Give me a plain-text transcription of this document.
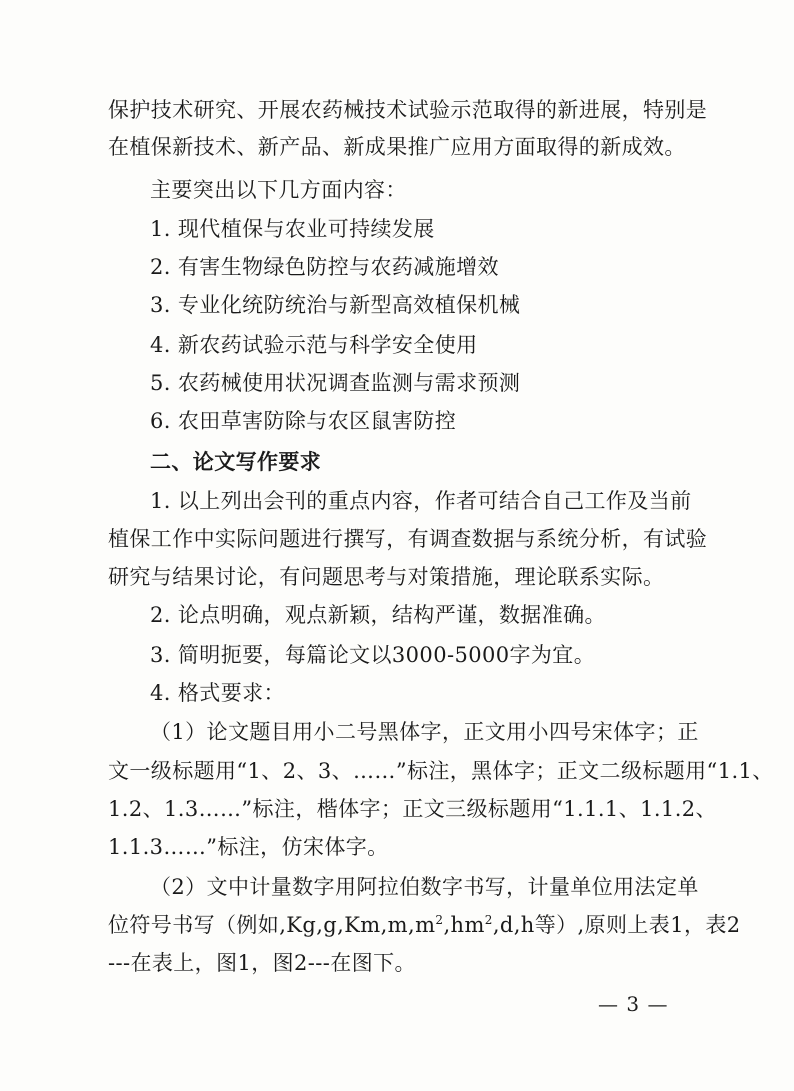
保护技术研究、开展农药械技术试验示范取得的新进展，特别是
在植保新技术、新产品、新成果推广应用方面取得的新成效。
主要突出以下几方面内容：
1. 现代植保与农业可持续发展
2. 有害生物绿色防控与农药减施增效
3. 专业化统防统治与新型高效植保机械
4. 新农药试验示范与科学安全使用
5. 农药械使用状况调查监测与需求预测
6. 农田草害防除与农区鼠害防控
二、论文写作要求
1. 以上列出会刊的重点内容，作者可结合自己工作及当前
植保工作中实际问题进行撰写，有调查数据与系统分析，有试验
研究与结果讨论，有问题思考与对策措施，理论联系实际。
2. 论点明确，观点新颖，结构严谨，数据准确。
3. 简明扼要，每篇论文以3000-5000字为宜。
4. 格式要求：
（1）论文题目用小二号黑体字，正文用小四号宋体字；正
文一级标题用“1、2、3、……”标注，黑体字；正文二级标题用“1.1、
1.2、1.3……”标注，楷体字；正文三级标题用“1.1.1、1.1.2、
1.1.3……”标注，仿宋体字。
（2）文中计量数字用阿拉伯数字书写，计量单位用法定单
位符号书写（例如$,Kg,g,Km,m,m^2,hm^2,d,h$等）,原则上表1，表2
---在表上，图1，图2---在图下。
— 3 —
